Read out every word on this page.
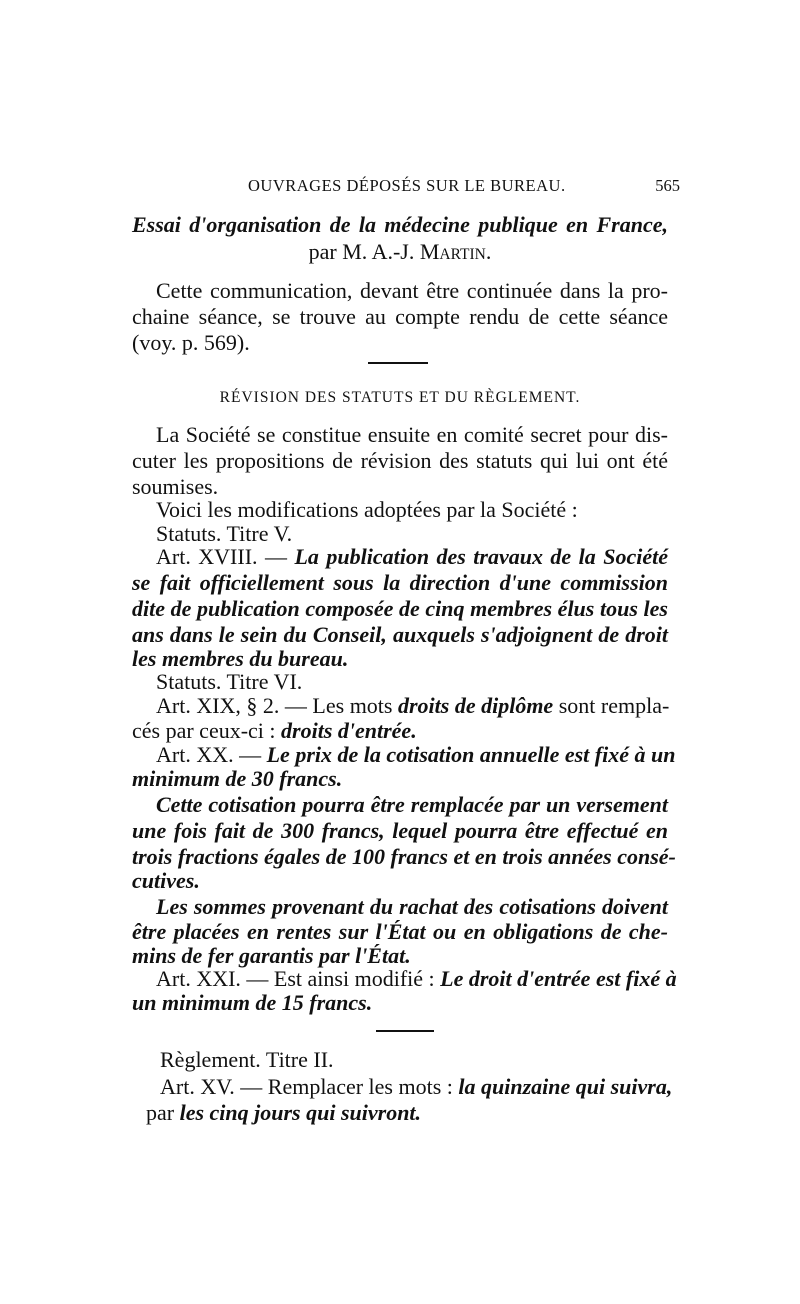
OUVRAGES DÉPOSÉS SUR LE BUREAU.	565
Essai d'organisation de la médecine publique en France,
par M. A.-J. MARTIN.
Cette communication, devant être continuée dans la pro-
chaine séance, se trouve au compte rendu de cette séance
(voy. p. 569).
RÉVISION DES STATUTS ET DU RÈGLEMENT.
La Société se constitue ensuite en comité secret pour dis-
cuter les propositions de révision des statuts qui lui ont été
soumises.
Voici les modifications adoptées par la Société :
Statuts. Titre V.
Art. XVIII. — La publication des travaux de la Société
se fait officiellement sous la direction d'une commission
dite de publication composée de cinq membres élus tous les
ans dans le sein du Conseil, auxquels s'adjoignent de droit
les membres du bureau.
Statuts. Titre VI.
Art. XIX, § 2. — Les mots droits de diplôme sont rempla-
cés par ceux-ci : droits d'entrée.
Art. XX. — Le prix de la cotisation annuelle est fixé à un
minimum de 30 francs.
Cette cotisation pourra être remplacée par un versement
une fois fait de 300 francs, lequel pourra être effectué en
trois fractions égales de 100 francs et en trois années consé-
cutives.
Les sommes provenant du rachat des cotisations doivent
être placées en rentes sur l'État ou en obligations de che-
mins de fer garantis par l'État.
Art. XXI. — Est ainsi modifié : Le droit d'entrée est fixé à
un minimum de 15 francs.
Règlement. Titre II.
Art. XV. — Remplacer les mots : la quinzaine qui suivra,
par les cinq jours qui suivront.
